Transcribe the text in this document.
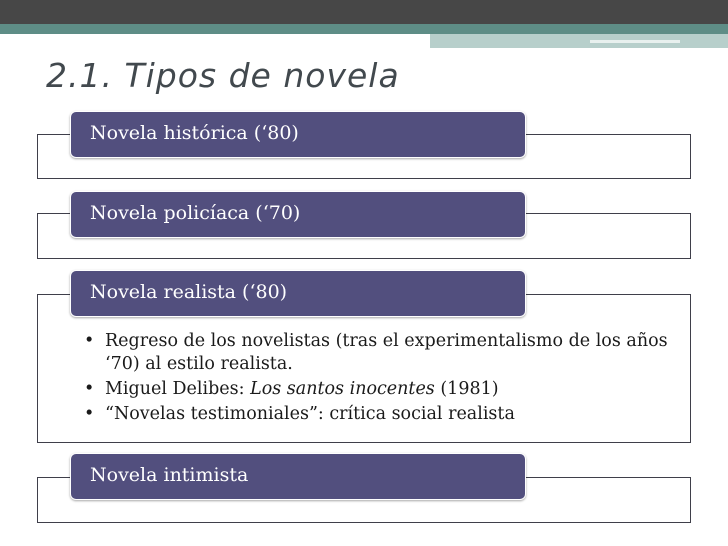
2.1. Tipos de novela
Novela histórica (‘80)
Novela policíaca (‘70)
Novela realista (‘80)
• Regreso de los novelistas (tras el experimentalismo de los años ‘70) al estilo realista.
• Miguel Delibes: Los santos inocentes (1981)
• “Novelas testimoniales”: crítica social realista
Novela intimista
